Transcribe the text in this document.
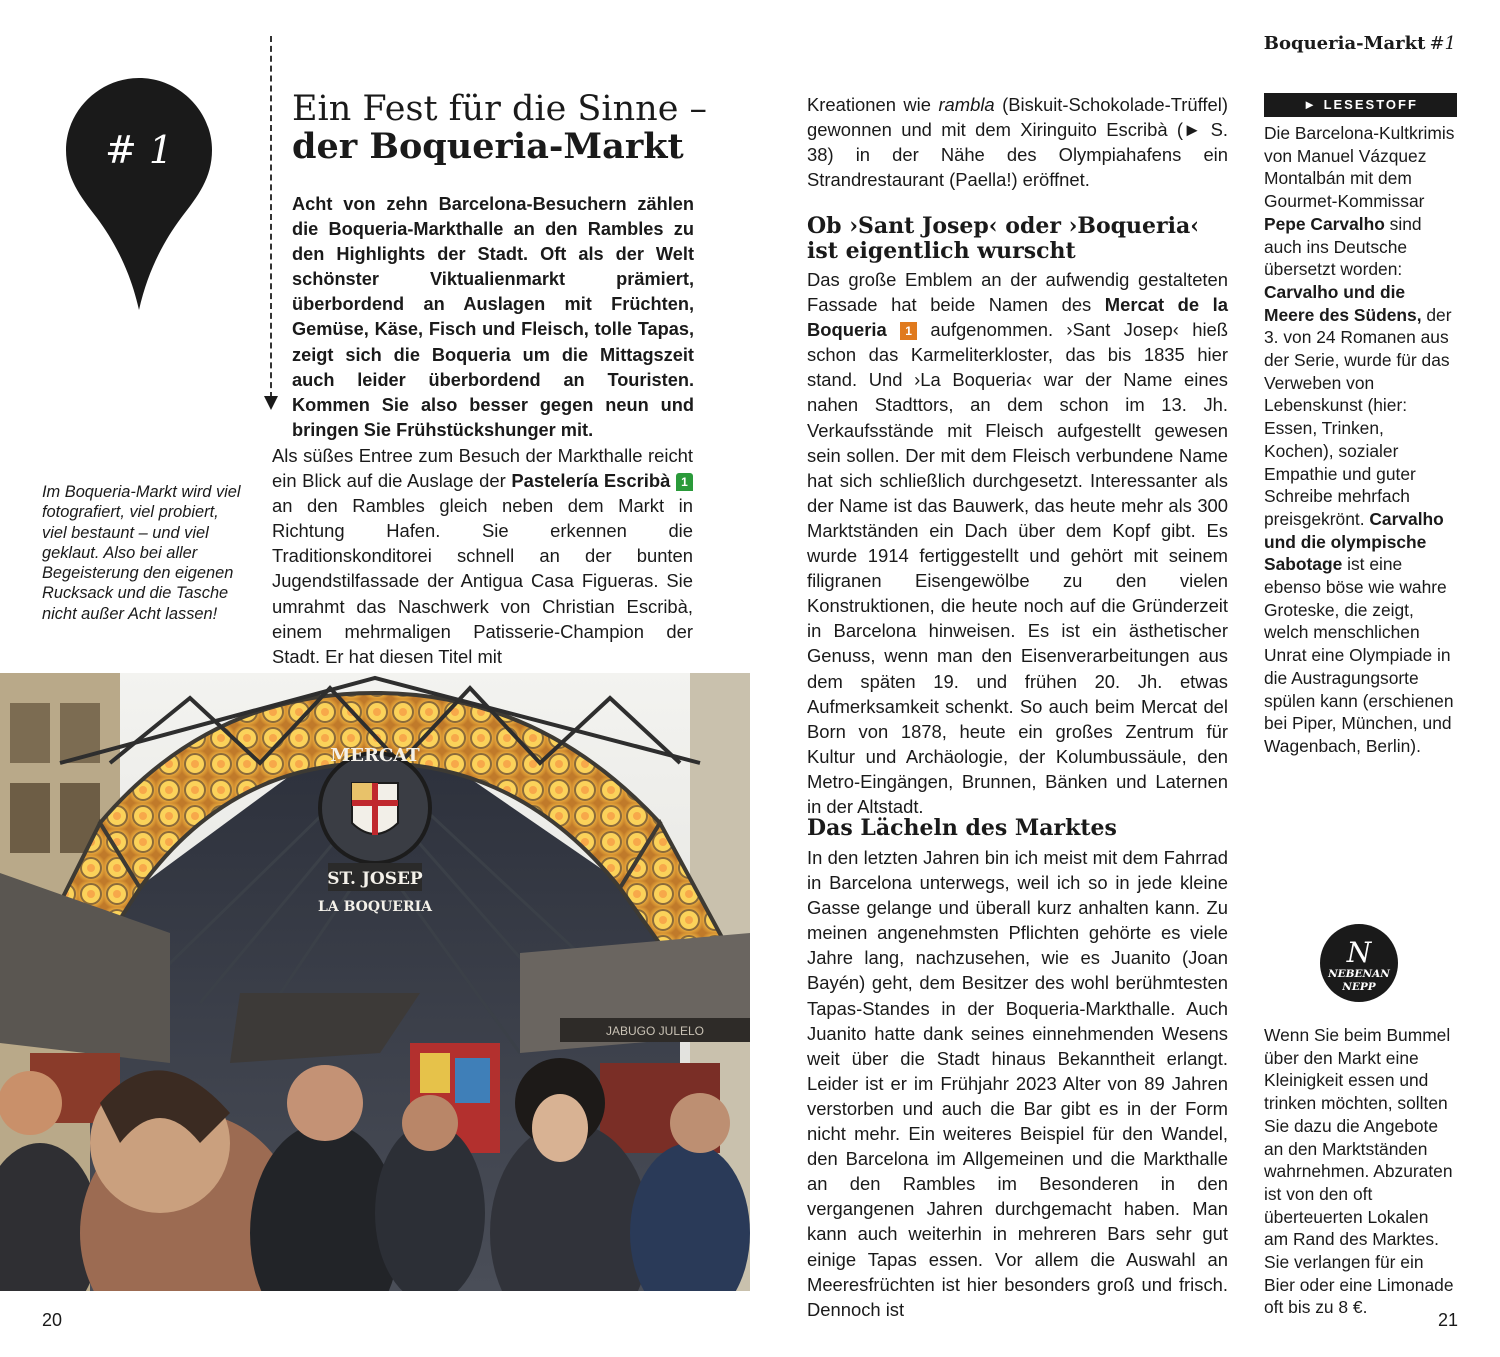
# 1
Ein Fest für die Sinne –
der Boqueria-Markt

Acht von zehn Barcelona-Besuchern zählen die Boqueria-Markthalle an den Rambles zu den Highlights der Stadt. Oft als der Welt schönster Viktualienmarkt prämiert, überbordend an Auslagen mit Früchten, Gemüse, Käse, Fisch und Fleisch, tolle Tapas, zeigt sich die Boqueria um die Mittagszeit auch leider überbordend an Touristen. Kommen Sie also besser gegen neun und bringen Sie Frühstückshunger mit.

Als süßes Entree zum Besuch der Markthalle reicht ein Blick auf die Auslage der Pastelería Escribà 1 an den Rambles gleich neben dem Markt in Richtung Hafen. Sie erkennen die Traditionskonditorei schnell an der bunten Jugendstilfassade der Antigua Casa Figueras. Sie umrahmt das Naschwerk von Christian Escribà, einem mehrmaligen Patisserie-Champion der Stadt. Er hat diesen Titel mit

Im Boqueria-Markt wird viel fotografiert, viel probiert, viel bestaunt – und viel geklaut. Also bei aller Begeisterung den eigenen Rucksack und die Tasche nicht außer Acht lassen!

MERCAT
ST. JOSEP
LA BOQUERIA
JABUGO JULELO
20
Boqueria-Markt #1

Kreationen wie rambla (Biskuit-Schokolade-Trüffel) gewonnen und mit dem Xiringuito Escribà (► S. 38) in der Nähe des Olympiahafens ein Strandrestaurant (Paella!) eröffnet.

Ob ›Sant Josep‹ oder ›Boqueria‹ ist eigentlich wurscht

Das große Emblem an der aufwendig gestalteten Fassade hat beide Namen des Mercat de la Boqueria 1 aufgenommen. ›Sant Josep‹ hieß schon das Karmeliterkloster, das bis 1835 hier stand. Und ›La Boqueria‹ war der Name eines nahen Stadttors, an dem schon im 13. Jh. Verkaufsstände mit Fleisch aufgestellt gewesen sein sollen. Der mit dem Fleisch verbundene Name hat sich schließlich durchgesetzt. Interessanter als der Name ist das Bauwerk, das heute mehr als 300 Marktständen ein Dach über dem Kopf gibt. Es wurde 1914 fertiggestellt und gehört mit seinem filigranen Eisengewölbe zu den vielen Konstruktionen, die heute noch auf die Gründerzeit in Barcelona hinweisen. Es ist ein ästhetischer Genuss, wenn man den Eisenverarbeitungen aus dem späten 19. und frühen 20. Jh. etwas Aufmerksamkeit schenkt. So auch beim Mercat del Born von 1878, heute ein großes Zentrum für Kultur und Archäologie, der Kolumbussäule, den Metro-Eingängen, Brunnen, Bänken und Laternen in der Altstadt.

Das Lächeln des Marktes

In den letzten Jahren bin ich meist mit dem Fahrrad in Barcelona unterwegs, weil ich so in jede kleine Gasse gelange und überall kurz anhalten kann. Zu meinen angenehmsten Pflichten gehörte es viele Jahre lang, nachzusehen, wie es Juanito (Joan Bayén) geht, dem Besitzer des wohl berühmtesten Tapas-Standes in der Boqueria-Markthalle. Auch Juanito hatte dank seines einnehmenden Wesens weit über die Stadt hinaus Bekanntheit erlangt. Leider ist er im Frühjahr 2023 Alter von 89 Jahren verstorben und auch die Bar gibt es in der Form nicht mehr. Ein weiteres Beispiel für den Wandel, den Barcelona im Allgemeinen und die Markthalle an den Rambles im Besonderen in den vergangenen Jahren durchgemacht haben. Man kann auch weiterhin in mehreren Bars sehr gut einige Tapas essen. Vor allem die Auswahl an Meeresfrüchten ist hier besonders groß und frisch. Dennoch ist

► LESESTOFF

Die Barcelona-Kultkrimis von Manuel Vázquez Montalbán mit dem Gourmet-Kommissar Pepe Carvalho sind auch ins Deutsche übersetzt worden: Carvalho und die Meere des Südens, der 3. von 24 Romanen aus der Serie, wurde für das Verweben von Lebenskunst (hier: Essen, Trinken, Kochen), sozialer Empathie und guter Schreibe mehrfach preisgekrönt. Carvalho und die olympische Sabotage ist eine ebenso böse wie wahre Groteske, die zeigt, welch menschlichen Unrat eine Olympiade in die Austragungsorte spülen kann (erschienen bei Piper, München, und Wagenbach, Berlin).

N
NEBENAN
NEPP

Wenn Sie beim Bummel über den Markt eine Kleinigkeit essen und trinken möchten, sollten Sie dazu die Angebote an den Marktständen wahrnehmen. Abzuraten ist von den oft überteuerten Lokalen am Rand des Marktes. Sie verlangen für ein Bier oder eine Limonade oft bis zu 8 €.

21
